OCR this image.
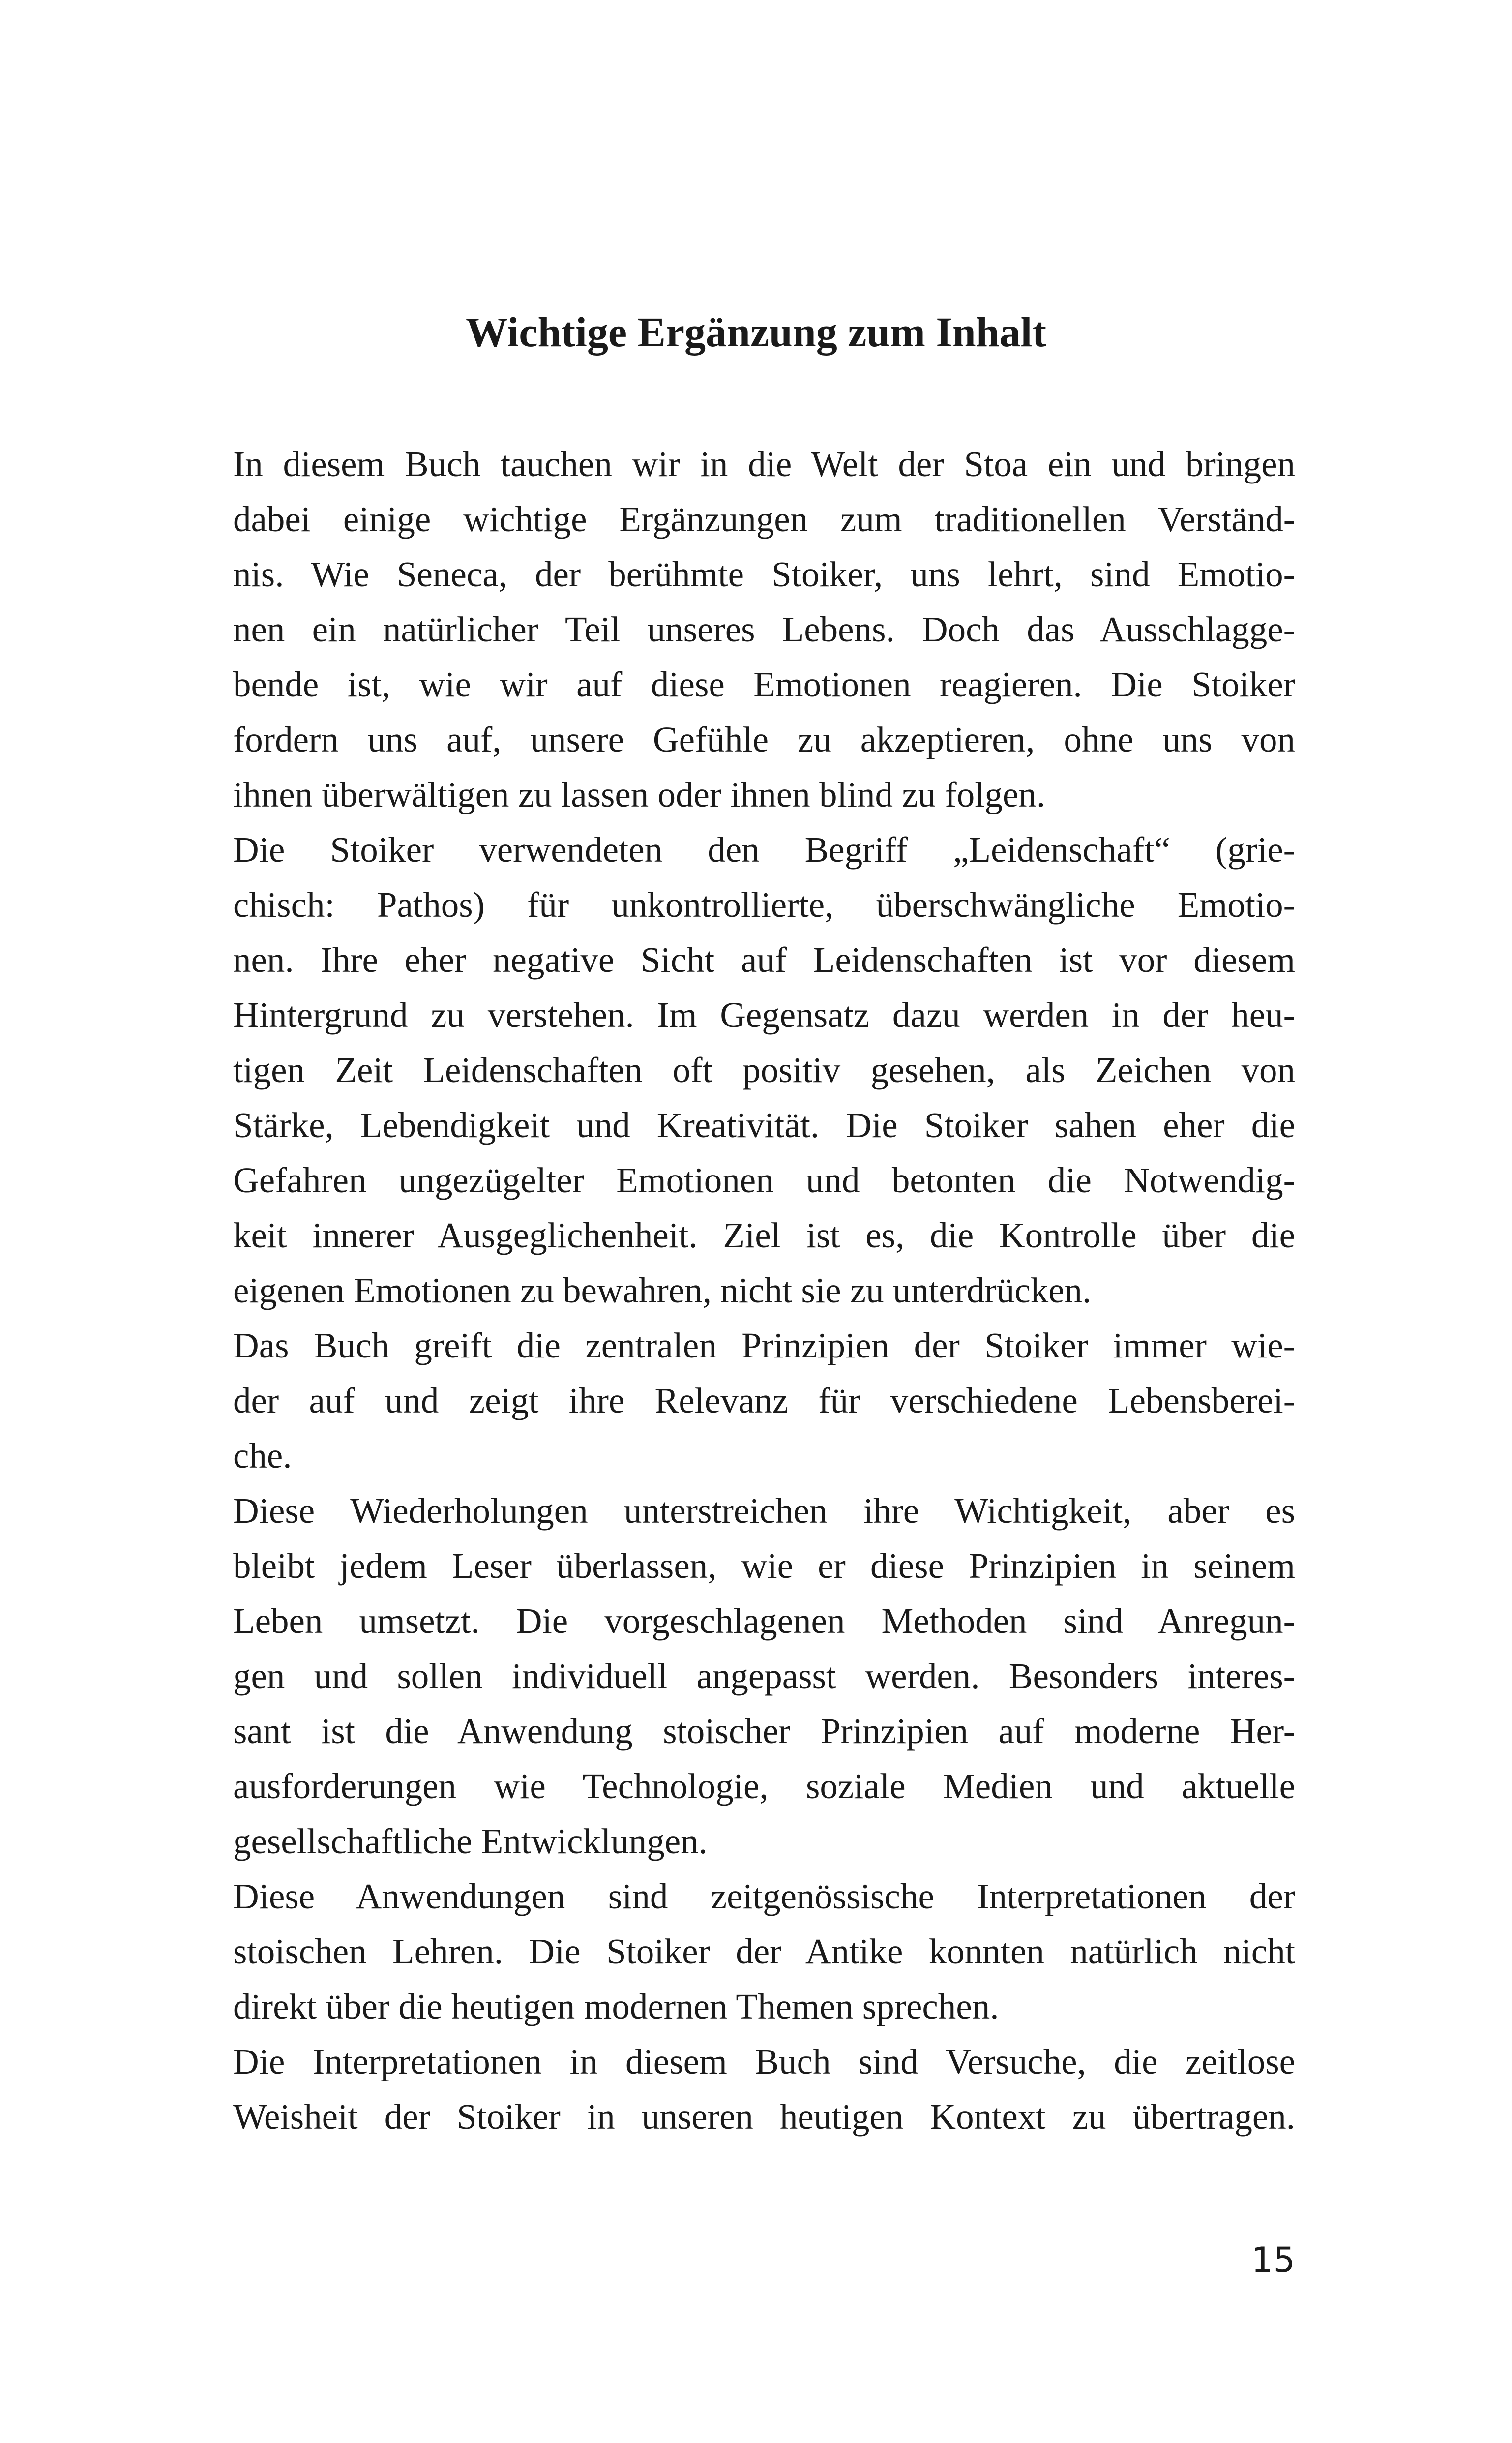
Wichtige Ergänzung zum Inhalt
In diesem Buch tauchen wir in die Welt der Stoa ein und bringen
dabei einige wichtige Ergänzungen zum traditionellen Verständ-
nis. Wie Seneca, der berühmte Stoiker, uns lehrt, sind Emotio-
nen ein natürlicher Teil unseres Lebens. Doch das Ausschlagge-
bende ist, wie wir auf diese Emotionen reagieren. Die Stoiker
fordern uns auf, unsere Gefühle zu akzeptieren, ohne uns von
ihnen überwältigen zu lassen oder ihnen blind zu folgen.
Die Stoiker verwendeten den Begriff „Leidenschaft“ (grie-
chisch: Pathos) für unkontrollierte, überschwängliche Emotio-
nen. Ihre eher negative Sicht auf Leidenschaften ist vor diesem
Hintergrund zu verstehen. Im Gegensatz dazu werden in der heu-
tigen Zeit Leidenschaften oft positiv gesehen, als Zeichen von
Stärke, Lebendigkeit und Kreativität. Die Stoiker sahen eher die
Gefahren ungezügelter Emotionen und betonten die Notwendig-
keit innerer Ausgeglichenheit. Ziel ist es, die Kontrolle über die
eigenen Emotionen zu bewahren, nicht sie zu unterdrücken.
Das Buch greift die zentralen Prinzipien der Stoiker immer wie-
der auf und zeigt ihre Relevanz für verschiedene Lebensberei-
che.
Diese Wiederholungen unterstreichen ihre Wichtigkeit, aber es
bleibt jedem Leser überlassen, wie er diese Prinzipien in seinem
Leben umsetzt. Die vorgeschlagenen Methoden sind Anregun-
gen und sollen individuell angepasst werden. Besonders interes-
sant ist die Anwendung stoischer Prinzipien auf moderne Her-
ausforderungen wie Technologie, soziale Medien und aktuelle
gesellschaftliche Entwicklungen.
Diese Anwendungen sind zeitgenössische Interpretationen der
stoischen Lehren. Die Stoiker der Antike konnten natürlich nicht
direkt über die heutigen modernen Themen sprechen.
Die Interpretationen in diesem Buch sind Versuche, die zeitlose
Weisheit der Stoiker in unseren heutigen Kontext zu übertragen.
15
